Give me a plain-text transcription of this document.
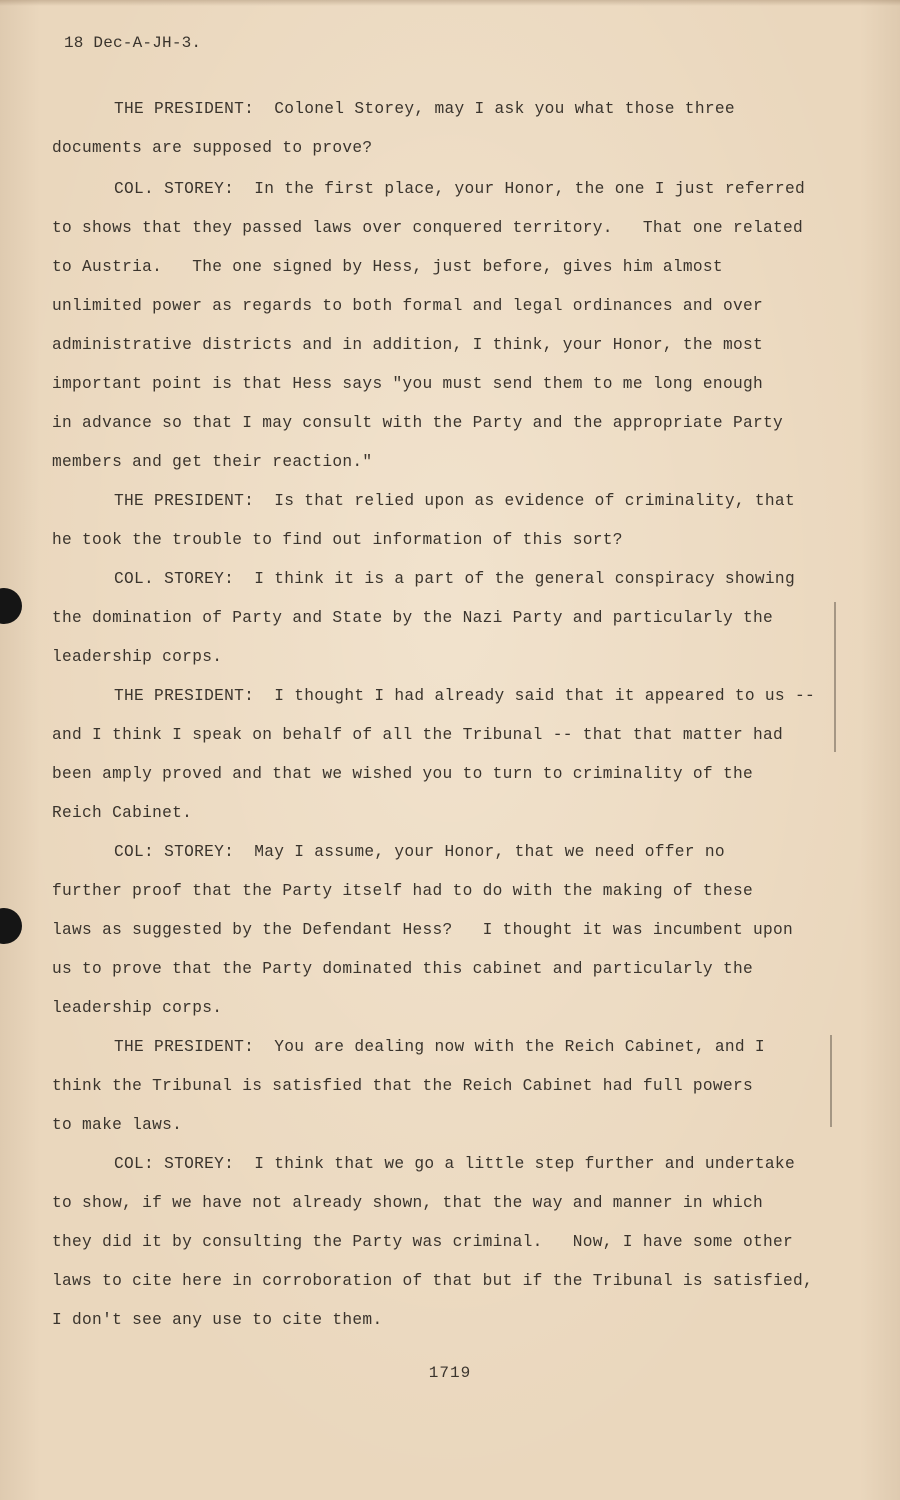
18 Dec-A-JH-3.

THE PRESIDENT:  Colonel Storey, may I ask you what those three
documents are supposed to prove?

COL. STOREY:  In the first place, your Honor, the one I just referred
to shows that they passed laws over conquered territory.   That one related
to Austria.   The one signed by Hess, just before, gives him almost
unlimited power as regards to both formal and legal ordinances and over
administrative districts and in addition, I think, your Honor, the most
important point is that Hess says "you must send them to me long enough
in advance so that I may consult with the Party and the appropriate Party
members and get their reaction."

THE PRESIDENT:  Is that relied upon as evidence of criminality, that
he took the trouble to find out information of this sort?

COL. STOREY:  I think it is a part of the general conspiracy showing
the domination of Party and State by the Nazi Party and particularly the
leadership corps.

THE PRESIDENT:  I thought I had already said that it appeared to us --
and I think I speak on behalf of all the Tribunal -- that that matter had
been amply proved and that we wished you to turn to criminality of the
Reich Cabinet.

COL: STOREY:  May I assume, your Honor, that we need offer no
further proof that the Party itself had to do with the making of these
laws as suggested by the Defendant Hess?   I thought it was incumbent upon
us to prove that the Party dominated this cabinet and particularly the
leadership corps.

THE PRESIDENT:  You are dealing now with the Reich Cabinet, and I
think the Tribunal is satisfied that the Reich Cabinet had full powers
to make laws.

COL: STOREY:  I think that we go a little step further and undertake
to show, if we have not already shown, that the way and manner in which
they did it by consulting the Party was criminal.   Now, I have some other
laws to cite here in corroboration of that but if the Tribunal is satisfied,
I don't see any use to cite them.

1719
